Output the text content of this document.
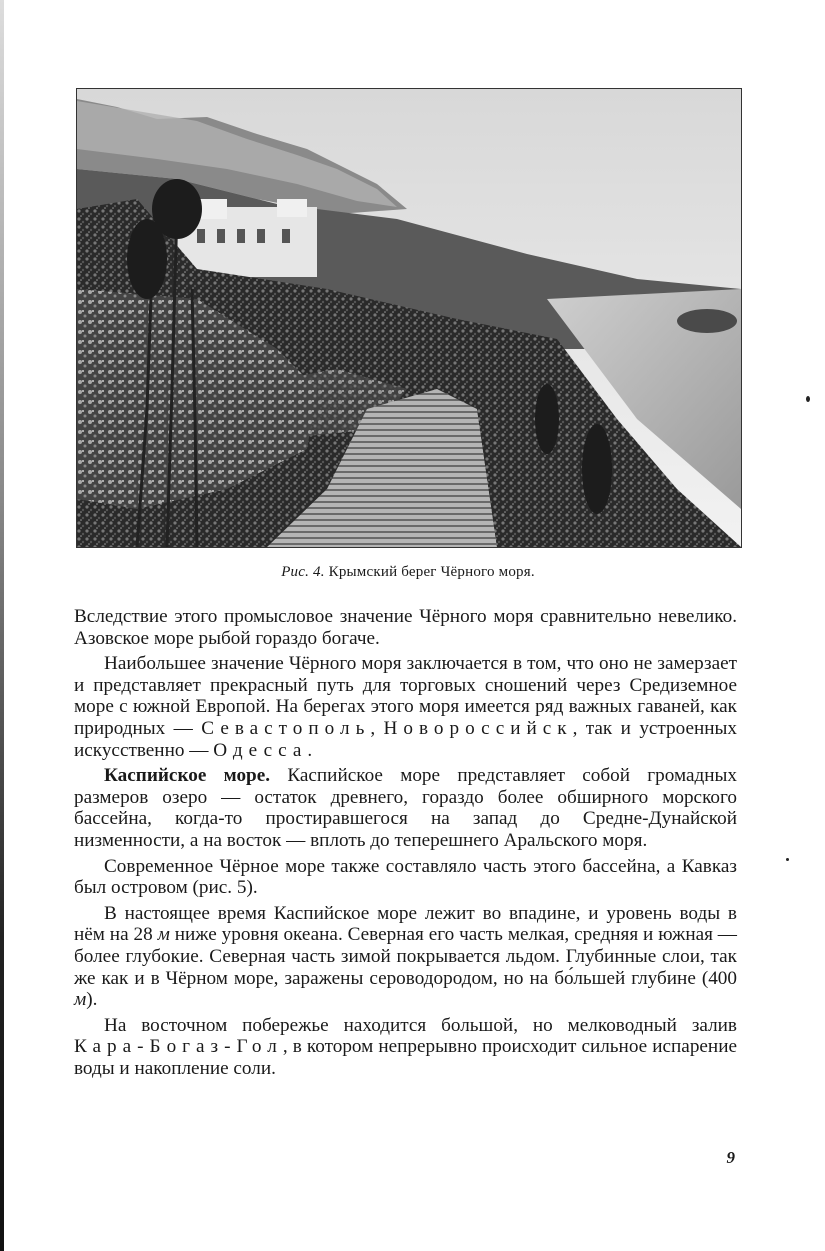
Рис. 4. Крымский берег Чёрного моря.

Вследствие этого промысловое значение Чёрного моря сравнительно невелико. Азовское море рыбой гораздо богаче.

Наибольшее значение Чёрного моря заключается в том, что оно не замерзает и представляет прекрасный путь для торговых сношений через Средиземное море с южной Европой. На берегах этого моря имеется ряд важных гаваней, как природных — Севастополь, Новороссийск, так и устроенных искусственно — Одесса.

Каспийское море. Каспийское море представляет собой громадных размеров озеро — остаток древнего, гораздо более обширного морского бассейна, когда-то простиравшегося на запад до Средне-Дунайской низменности, а на восток — вплоть до теперешнего Аральского моря.

Современное Чёрное море также составляло часть этого бассейна, а Кавказ был островом (рис. 5).

В настоящее время Каспийское море лежит во впадине, и уровень воды в нём на 28 м ниже уровня океана. Северная его часть мелкая, средняя и южная — более глубокие. Северная часть зимой покрывается льдом. Глубинные слои, так же как и в Чёрном море, заражены сероводородом, но на бо́льшей глубине (400 м).

На восточном побережье находится большой, но мелководный залив Кара-Богаз-Гол, в котором непрерывно происходит сильное испарение воды и накопление соли.

9
